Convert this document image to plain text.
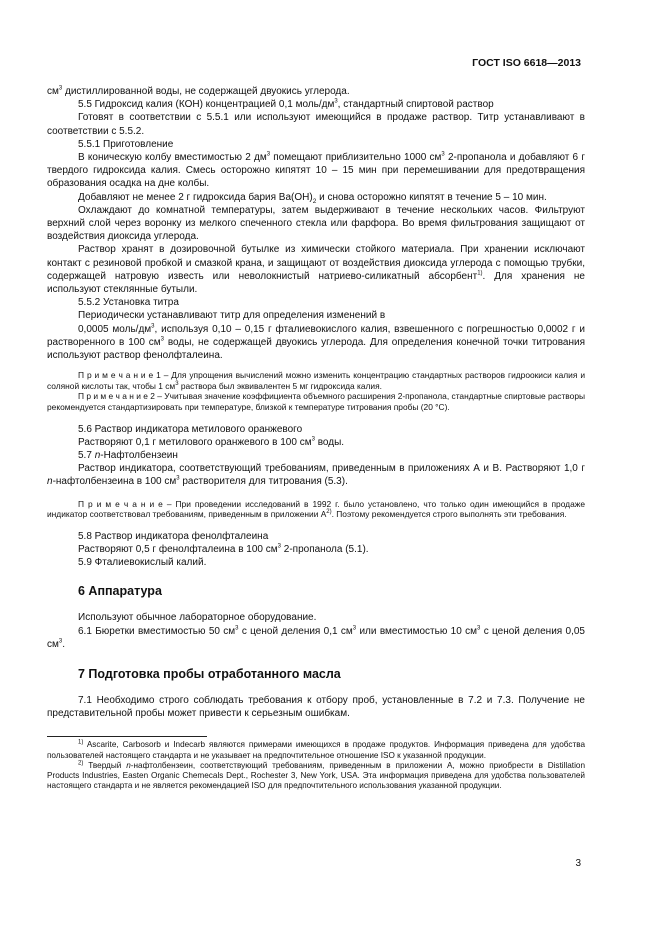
ГОСТ ISO 6618—2013

$см^3$ дистиллированной воды, не содержащей двуокись углерода.

5.5 Гидроксид калия (КОН) концентрацией 0,1 моль/$дм^3$, стандартный спиртовой раствор

Готовят в соответствии с 5.5.1 или используют имеющийся в продаже раствор. Титр устанавливают в соответствии с 5.5.2.

5.5.1 Приготовление

В коническую колбу вместимостью 2 $дм^3$ помещают приблизительно 1000 $см^3$ 2-пропанола и добавляют 6 г твердого гидроксида калия. Смесь осторожно кипятят 10 – 15 мин при перемешивании для предотвращения образования осадка на дне колбы.

Добавляют не менее 2 г гидроксида бария $Ba(OH)_2$ и снова осторожно кипятят в течение 5 – 10 мин.

Охлаждают до комнатной температуры, затем выдерживают в течение нескольких часов. Фильтруют верхний слой через воронку из мелкого спеченного стекла или фарфора. Во время фильтрования защищают от воздействия диоксида углерода.

Раствор хранят в дозировочной бутылке из химически стойкого материала. При хранении исключают контакт с резиновой пробкой и смазкой крана, и защищают от воздействия диоксида углерода с помощью трубки, содержащей натровую известь или неволокнистый натриево-силикатный абсорбент$^{1)}$. Для хранения не используют стеклянные бутыли.

5.5.2 Установка титра

Периодически устанавливают титр для определения изменений в

0,0005 моль/$дм^3$, используя 0,10 – 0,15 г фталиевокислого калия, взвешенного с погрешностью 0,0002 г и растворенного в 100 $см^3$ воды, не содержащей двуокись углерода. Для определения конечной точки титрования используют раствор фенолфталеина.

П р и м е ч а н и е 1 – Для упрощения вычислений можно изменить концентрацию стандартных растворов гидроокиси калия и соляной кислоты так, чтобы 1 $см^3$ раствора был эквивалентен 5 мг гидроксида калия.

П р и м е ч а н и е 2 – Учитывая значение коэффициента объемного расширения 2-пропанола, стандартные спиртовые растворы рекомендуется стандартизировать при температуре, близкой к температуре титрования пробы (20 °С).

5.6 Раствор индикатора метилового оранжевого

Растворяют 0,1 г метилового оранжевого в 100 $см^3$ воды.

5.7 n-Нафтолбензеин

Раствор индикатора, соответствующий требованиям, приведенным в приложениях А и В. Растворяют 1,0 г n-нафтолбензеина в 100 $см^3$ растворителя для титрования (5.3).

П р и м е ч а н и е – При проведении исследований в 1992 г. было установлено, что только один имеющийся в продаже индикатор соответствовал требованиям, приведенным в приложении $А^{2)}$. Поэтому рекомендуется строго выполнять эти требования.

5.8 Раствор индикатора фенолфталеина

Растворяют 0,5 г фенолфталеина в 100 $см^3$ 2-пропанола (5.1).

5.9 Фталиевокислый калий.

6 Аппаратура

Используют обычное лабораторное оборудование.

6.1 Бюретки вместимостью 50 $см^3$ с ценой деления 0,1 $см^3$ или вместимостью 10 $см^3$ с ценой деления 0,05 $см^3$.

7 Подготовка пробы отработанного масла

7.1 Необходимо строго соблюдать требования к отбору проб, установленные в 7.2 и 7.3. Получение не представительной пробы может привести к серьезным ошибкам.

$^{1)}$ Ascarite, Carbosorb и Indecarb являются примерами имеющихся в продаже продуктов. Информация приведена для удобства пользователей настоящего стандарта и не указывает на предпочтительное отношение ISO к указанной продукции.

$^{2)}$ Твердый n-нафтолбензеин, соответствующий требованиям, приведенным в приложении А, можно приобрести в Distillation Products Industries, Easten Organic Chemecals Dept., Rochester 3, New York, USA. Эта информация приведена для удобства пользователей настоящего стандарта и не является рекомендацией ISO для предпочтительного использования указанной продукции.

3
